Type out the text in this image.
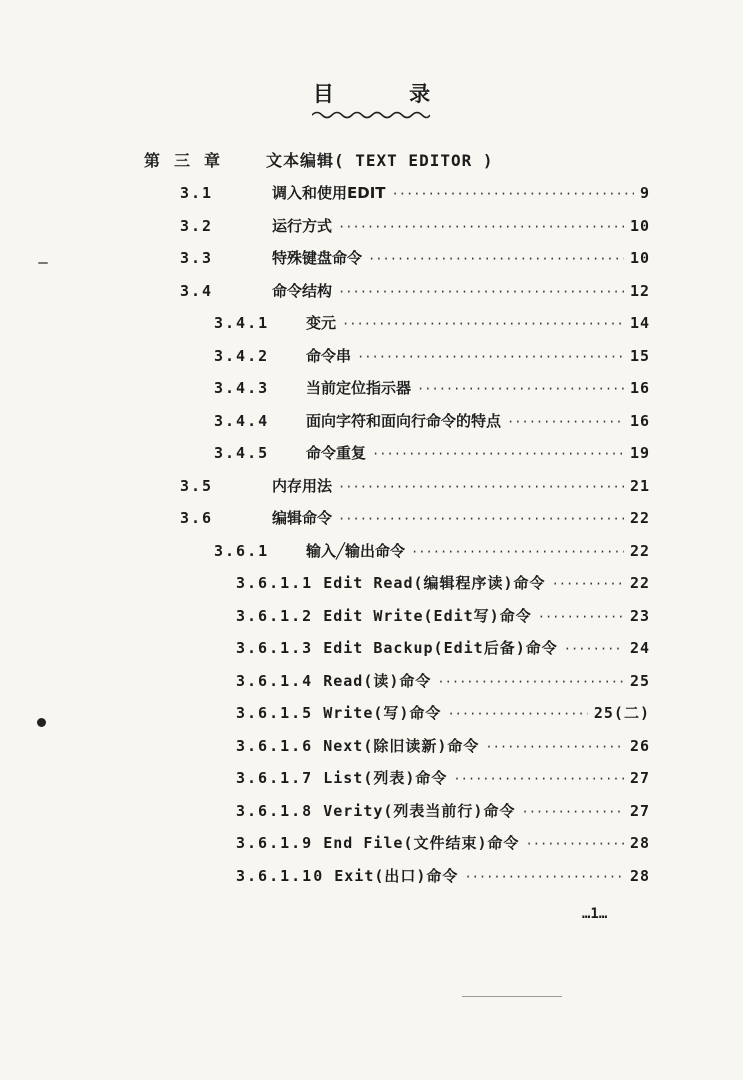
目 录
第三章	文本编辑( TEXT EDITOR )
3.1	调入和使用EDIT ·····	9
3.2	运行方式 ·····	10
3.3	特殊键盘命令 ·····	10
3.4	命令结构 ·····	12
3.4.1	变元 ·····	14
3.4.2	命令串 ·····	15
3.4.3	当前定位指示器 ·····	16
3.4.4	面向字符和面向行命令的特点 ·····	16
3.4.5	命令重复 ·····	19
3.5	内存用法 ·····	21
3.6	编辑命令 ·····	22
3.6.1	输入╱输出命令 ·····	22
3.6.1.1 Edit Read(编辑程序读)命令 ·····	22
3.6.1.2 Edit Write(Edit写)命令 ·····	23
3.6.1.3 Edit Backup(Edit后备)命令 ·····	24
3.6.1.4 Read(读)命令 ·····	25
3.6.1.5 Write(写)命令 ·····	25(二)
3.6.1.6 Next(除旧读新)命令 ·····	26
3.6.1.7 List(列表)命令 ·····	27
3.6.1.8 Verity(列表当前行)命令 ·····	27
3.6.1.9 End File(文件结束)命令 ·····	28
3.6.1.10 Exit(出口)命令 ·····	28
…1…
